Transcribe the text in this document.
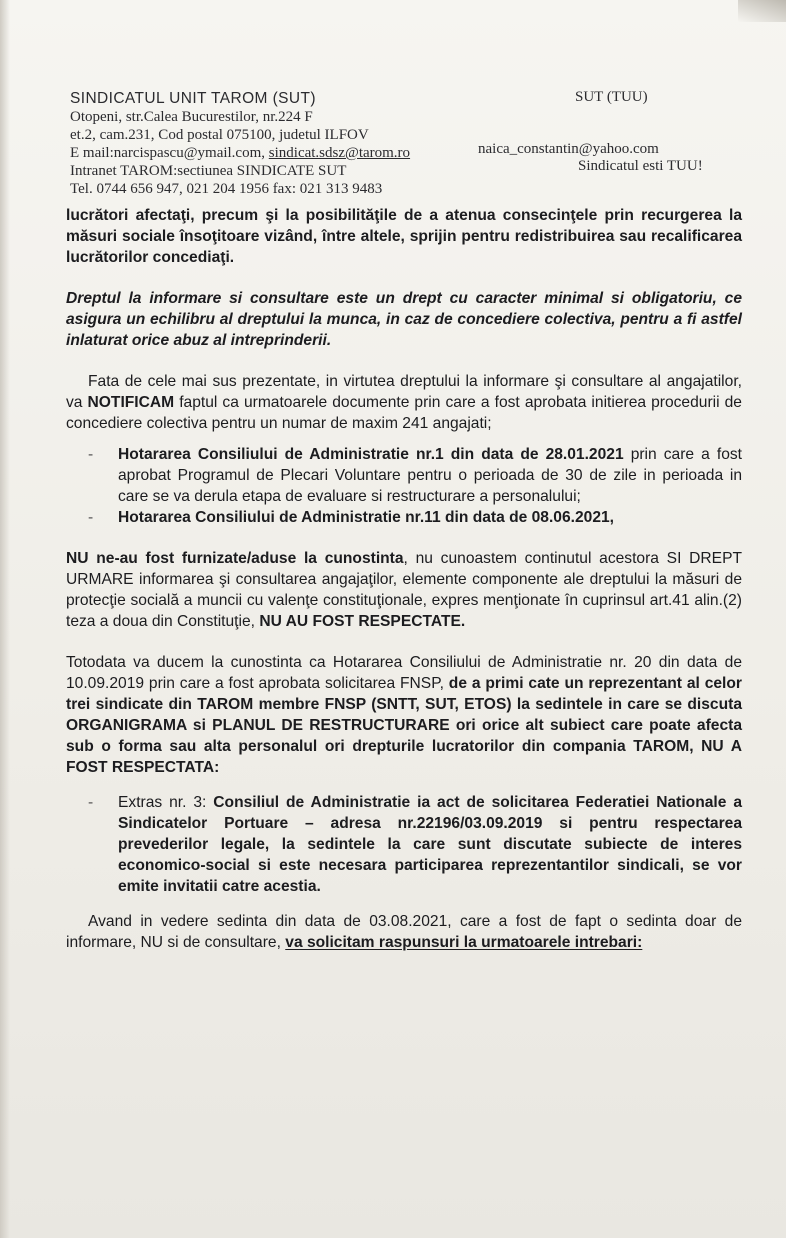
SINDICATUL UNIT TAROM (SUT)	SUT (TUU)
Otopeni, str.Calea Bucurestilor, nr.224 F
et.2, cam.231, Cod postal 075100, judetul ILFOV
E mail:narcispascu@ymail.com, sindicat.sdsz@tarom.ro	naica_constantin@yahoo.com
Intranet TAROM:sectiunea SINDICATE SUT	Sindicatul esti TUU!
Tel. 0744 656 947, 021 204 1956 fax: 021 313 9483

lucrători afectaţi, precum şi la posibilităţile de a atenua consecinţele prin recurgerea la măsuri sociale însoţitoare vizând, între altele, sprijin pentru redistribuirea sau recalificarea lucrătorilor concediaţi.

Dreptul la informare si consultare este un drept cu caracter minimal si obligatoriu, ce asigura un echilibru al dreptului la munca, in caz de concediere colectiva, pentru a fi astfel inlaturat orice abuz al intreprinderii.

Fata de cele mai sus prezentate, in virtutea dreptului la informare şi consultare al angajatilor, va NOTIFICAM faptul ca urmatoarele documente prin care a fost aprobata initierea procedurii de concediere colectiva pentru un numar de maxim 241 angajati;

- Hotararea Consiliului de Administratie nr.1 din data de 28.01.2021 prin care a fost aprobat Programul de Plecari Voluntare pentru o perioada de 30 de zile in perioada in care se va derula etapa de evaluare si restructurare a personalului;
- Hotararea Consiliului de Administratie nr.11 din data de 08.06.2021,

NU ne-au fost furnizate/aduse la cunostinta, nu cunoastem continutul acestora SI DREPT URMARE informarea şi consultarea angajaţilor, elemente componente ale dreptului la măsuri de protecţie socială a muncii cu valenţe constituţionale, expres menţionate în cuprinsul art.41 alin.(2) teza a doua din Constituţie, NU AU FOST RESPECTATE.

Totodata va ducem la cunostinta ca Hotararea Consiliului de Administratie nr. 20 din data de 10.09.2019 prin care a fost aprobata solicitarea FNSP, de a primi cate un reprezentant al celor trei sindicate din TAROM membre FNSP (SNTT, SUT, ETOS) la sedintele in care se discuta ORGANIGRAMA si PLANUL DE RESTRUCTURARE ori orice alt subiect care poate afecta sub o forma sau alta personalul ori drepturile lucratorilor din compania TAROM, NU A FOST RESPECTATA:

- Extras nr. 3: Consiliul de Administratie ia act de solicitarea Federatiei Nationale a Sindicatelor Portuare – adresa nr.22196/03.09.2019 si pentru respectarea prevederilor legale, la sedintele la care sunt discutate subiecte de interes economico-social si este necesara participarea reprezentantilor sindicali, se vor emite invitatii catre acestia.

Avand in vedere sedinta din data de 03.08.2021, care a fost de fapt o sedinta doar de informare, NU si de consultare, va solicitam raspunsuri la urmatoarele intrebari:
